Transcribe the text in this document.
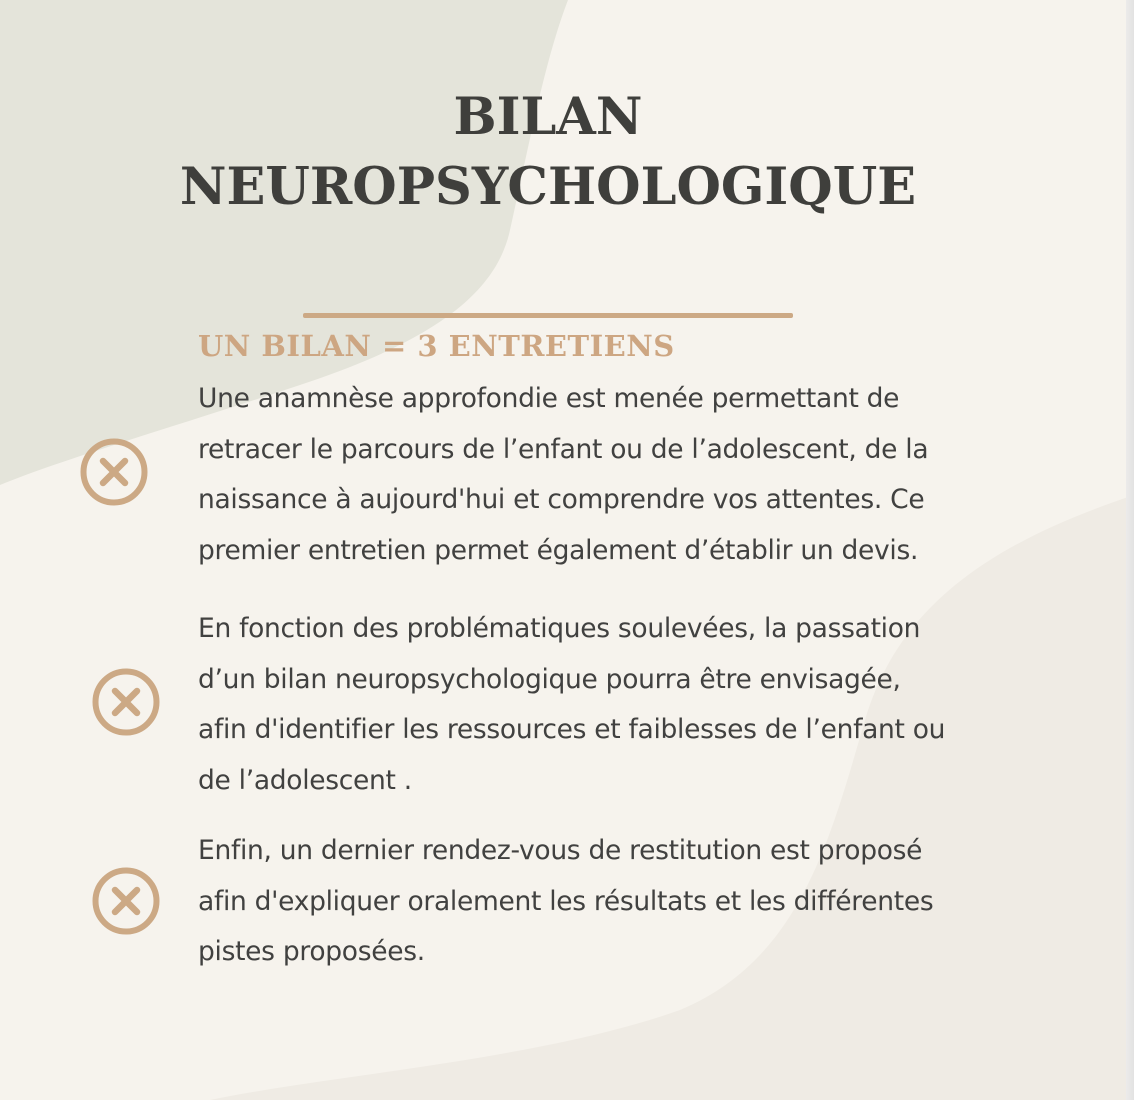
BILAN
NEUROPSYCHOLOGIQUE
UN BILAN = 3 ENTRETIENS

Une anamnèse approfondie est menée permettant de
retracer le parcours de l’enfant ou de l’adolescent, de la
naissance à aujourd'hui et comprendre vos attentes. Ce
premier entretien permet également d’établir un devis.

En fonction des problématiques soulevées, la passation
d’un bilan neuropsychologique pourra être envisagée,
afin d'identifier les ressources et faiblesses de l’enfant ou
de l’adolescent .

Enfin, un dernier rendez-vous de restitution est proposé
afin d'expliquer oralement les résultats et les différentes
pistes proposées.
